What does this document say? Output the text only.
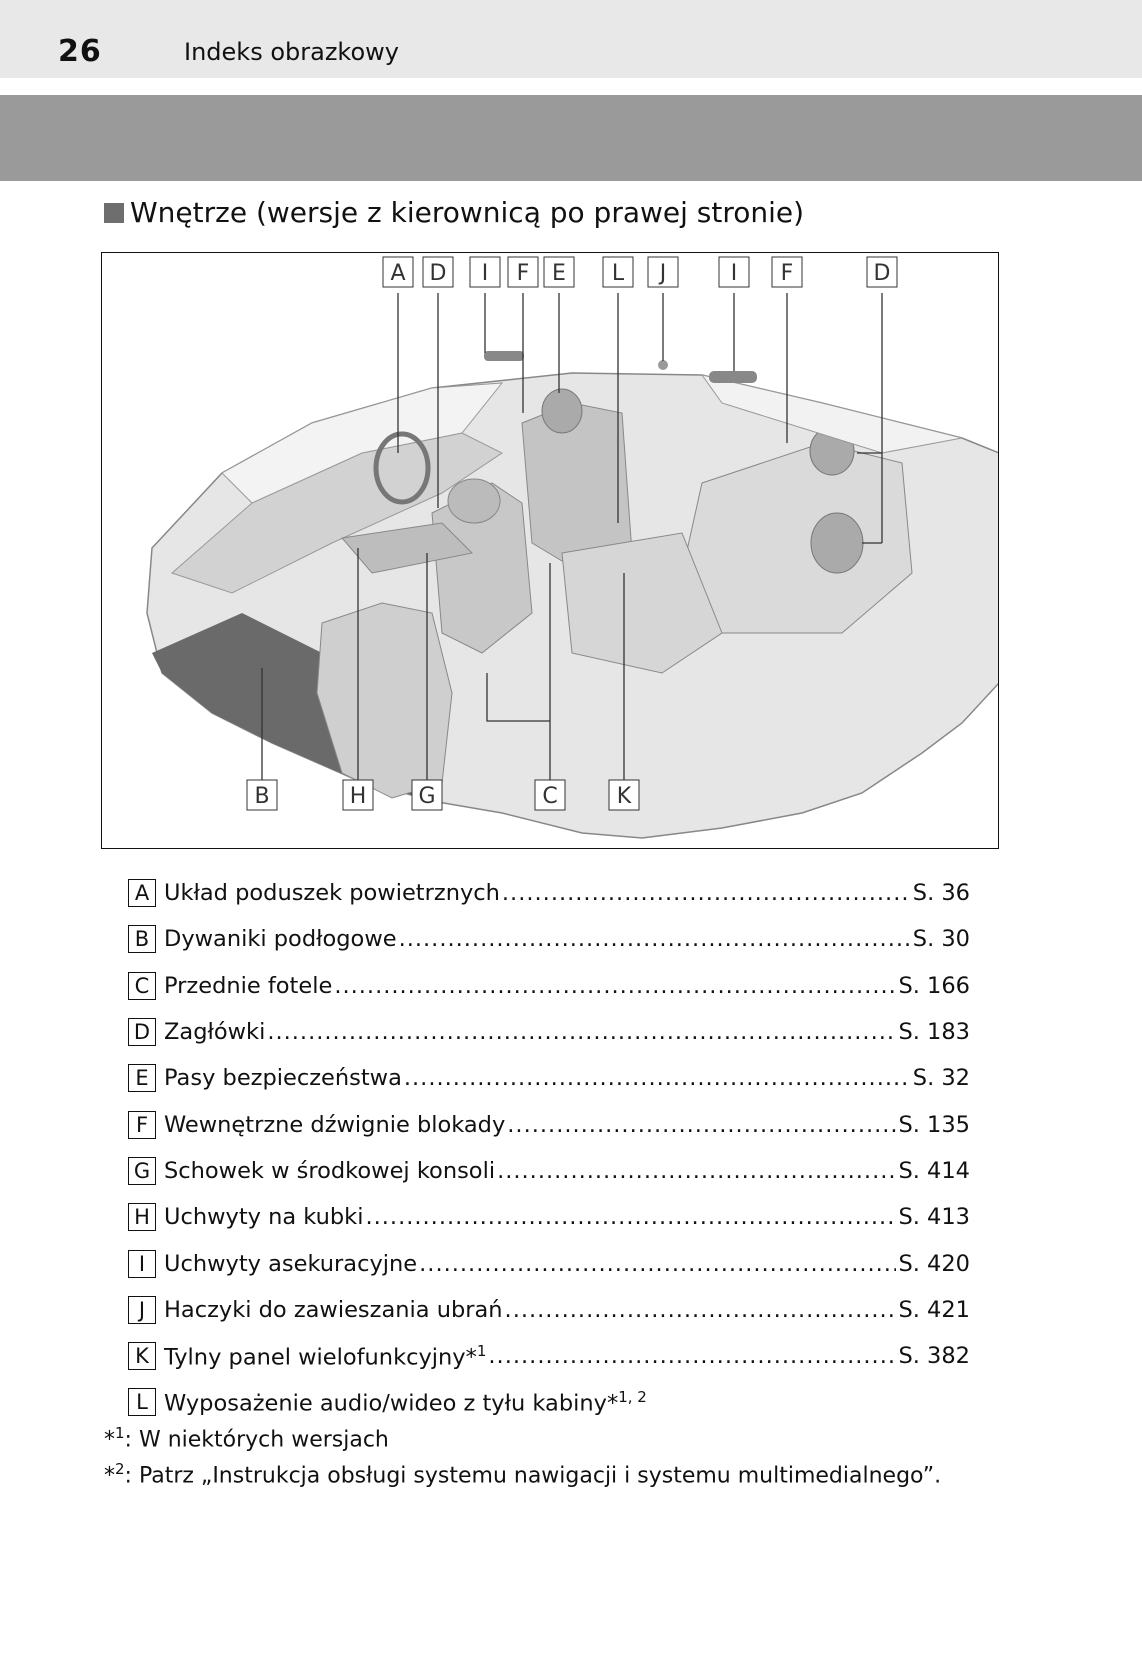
26	Indeks obrazkowy
Wnętrze (wersje z kierownicą po prawej stronie)
A D I F E L J	I F	D
B	H G	C	K
A Układ poduszek powietrznych .....	S. 36
B Dywaniki podłogowe .....	S. 30
C Przednie fotele .....	S. 166
D Zagłówki .....	S. 183
E Pasy bezpieczeństwa .....	S. 32
F Wewnętrzne dźwignie blokady .....	S. 135
G Schowek w środkowej konsoli .....	S. 414
H Uchwyty na kubki .....	S. 413
I Uchwyty asekuracyjne .....	S. 420
J Haczyki do zawieszania ubrań .....	S. 421
K Tylny panel wielofunkcyjny*$^1$ .....	S. 382
L Wyposażenie audio/wideo z tyłu kabiny*$^{1, 2}$
*$^1$: W niektórych wersjach
*$^2$: Patrz „Instrukcja obsługi systemu nawigacji i systemu multimedialnego”.
